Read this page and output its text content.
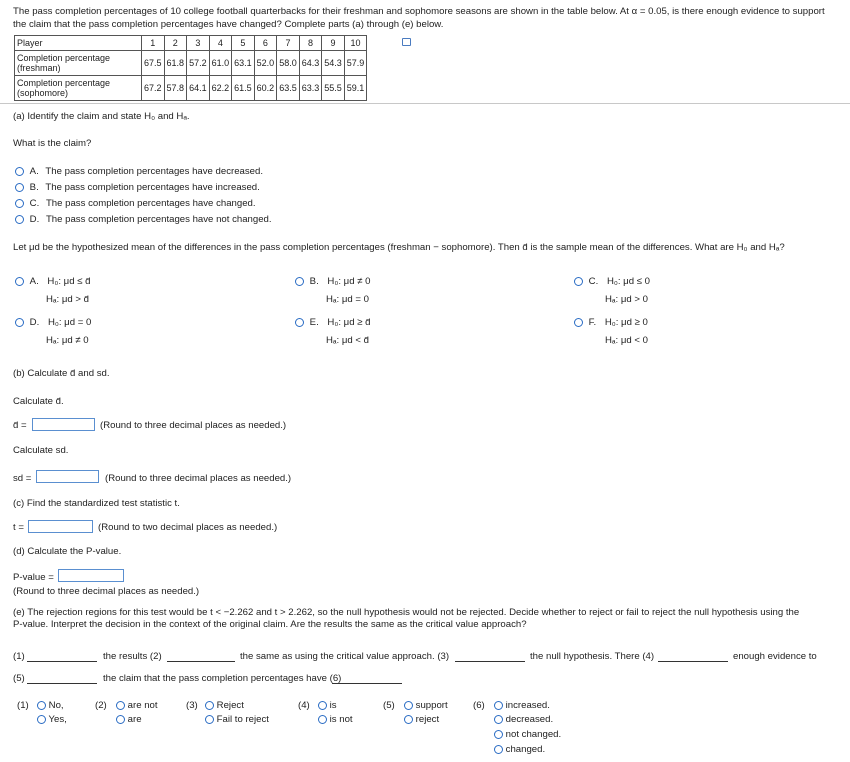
The pass completion percentages of 10 college football quarterbacks for their freshman and sophomore seasons are shown in the table below. At α = 0.05, is there enough evidence to support
the claim that the pass completion percentages have changed? Complete parts (a) through (e) below.
Player	1	2	3	4	5	6	7	8	9	10
Completion percentage (freshman)	67.5	61.8	57.2	61.0	63.1	52.0	58.0	64.3	54.3	57.9
Completion percentage (sophomore)	67.2	57.8	64.1	62.2	61.5	60.2	63.5	63.3	55.5	59.1
(a) Identify the claim and state H₀ and Hₐ.
What is the claim?
A. The pass completion percentages have decreased.
B. The pass completion percentages have increased.
C. The pass completion percentages have changed.
D. The pass completion percentages have not changed.
Let μd be the hypothesized mean of the differences in the pass completion percentages (freshman − sophomore). Then d̄ is the sample mean of the differences. What are H₀ and Hₐ?
A. H₀: μd ≤ d̄
Hₐ: μd > d̄
B. H₀: μd ≠ 0
Hₐ: μd = 0
C. H₀: μd ≤ 0
Hₐ: μd > 0
D. H₀: μd = 0
Hₐ: μd ≠ 0
E. H₀: μd ≥ d̄
Hₐ: μd < d̄
F. H₀: μd ≥ 0
Hₐ: μd < 0
(b) Calculate d̄ and sd.
Calculate d̄.
d̄ =	(Round to three decimal places as needed.)
Calculate sd.
sd =	(Round to three decimal places as needed.)
(c) Find the standardized test statistic t.
t =	(Round to two decimal places as needed.)
(d) Calculate the P-value.
P-value =
(Round to three decimal places as needed.)
(e) The rejection regions for this test would be t < −2.262 and t > 2.262, so the null hypothesis would not be rejected. Decide whether to reject or fail to reject the null hypothesis using the
P-value. Interpret the decision in the context of the original claim. Are the results the same as the critical value approach?
(1)	the results (2)	the same as using the critical value approach. (3)	the null hypothesis. There (4)	enough evidence to
(5)	the claim that the pass completion percentages have (6)
(1)	No,
Yes,
(2)	are not
are
(3)	Reject
Fail to reject
(4)	is
is not
(5)	support
reject
(6)	increased.
decreased.
not changed.
changed.
